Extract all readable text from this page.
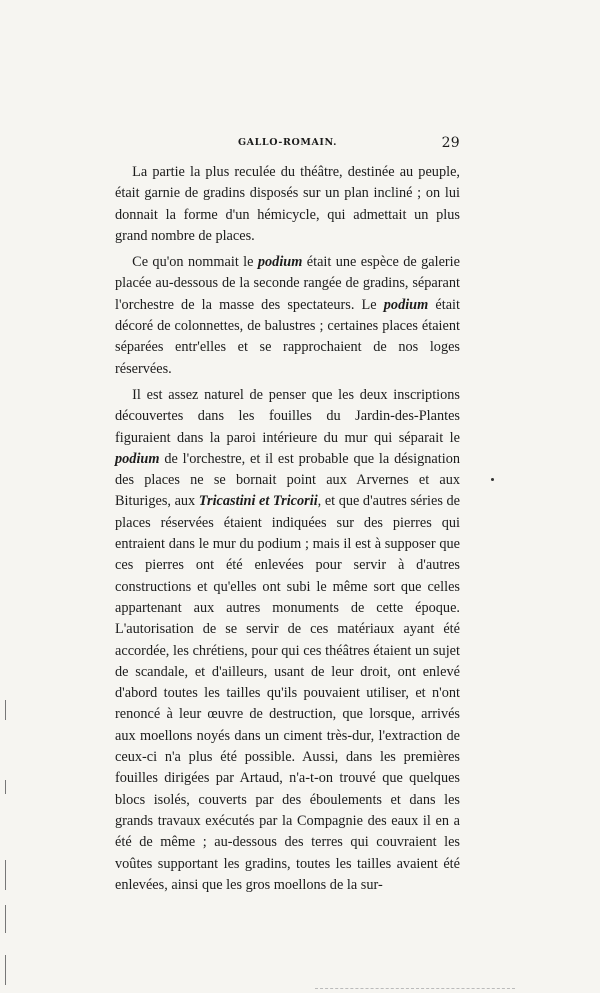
GALLO-ROMAIN.	29

La partie la plus reculée du théâtre, destinée au peuple, était garnie de gradins disposés sur un plan incliné ; on lui donnait la forme d'un hémicycle, qui admettait un plus grand nombre de places.

Ce qu'on nommait le podium était une espèce de galerie placée au-dessous de la seconde rangée de gradins, séparant l'orchestre de la masse des spectateurs. Le podium était décoré de colonnettes, de balustres ; certaines places étaient séparées entr'elles et se rapprochaient de nos loges réservées.

Il est assez naturel de penser que les deux inscriptions découvertes dans les fouilles du Jardin-des-Plantes figuraient dans la paroi intérieure du mur qui séparait le podium de l'orchestre, et il est probable que la désignation des places ne se bornait point aux Arvernes et aux Bituriges, aux Tricastini et Tricorii, et que d'autres séries de places réservées étaient indiquées sur des pierres qui entraient dans le mur du podium ; mais il est à supposer que ces pierres ont été enlevées pour servir à d'autres constructions et qu'elles ont subi le même sort que celles appartenant aux autres monuments de cette époque. L'autorisation de se servir de ces matériaux ayant été accordée, les chrétiens, pour qui ces théâtres étaient un sujet de scandale, et d'ailleurs, usant de leur droit, ont enlevé d'abord toutes les tailles qu'ils pouvaient utiliser, et n'ont renoncé à leur œuvre de destruction, que lorsque, arrivés aux moellons noyés dans un ciment très-dur, l'extraction de ceux-ci n'a plus été possible. Aussi, dans les premières fouilles dirigées par Artaud, n'a-t-on trouvé que quelques blocs isolés, couverts par des éboulements et dans les grands travaux exécutés par la Compagnie des eaux il en a été de même ; au-dessous des terres qui couvraient les voûtes supportant les gradins, toutes les tailles avaient été enlevées, ainsi que les gros moellons de la sur-
